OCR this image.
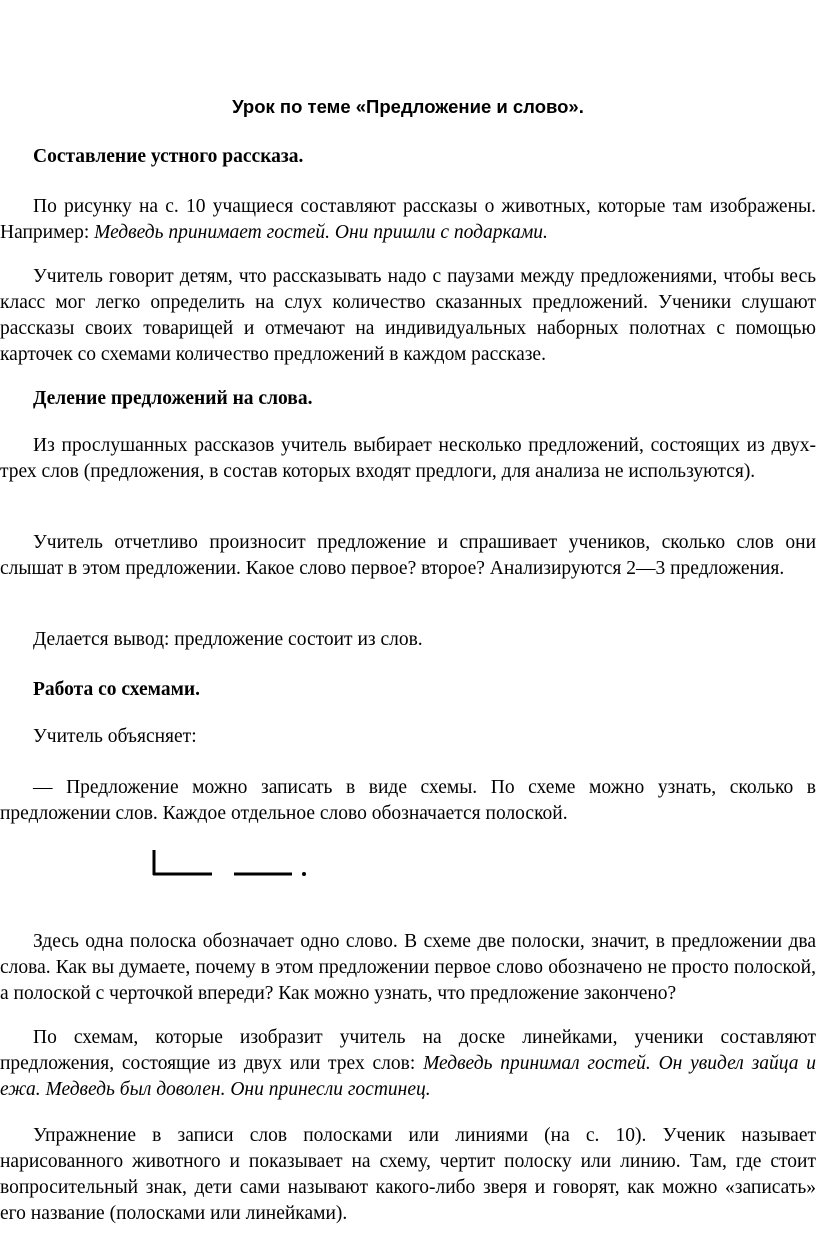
Урок по теме «Предложение и слово».
Составление устного рассказа.

По рисунку на с. 10 учащиеся составляют рассказы о животных, которые там изображены. Например: Медведь принимает гостей. Они пришли с подарками.

Учитель говорит детям, что рассказывать надо с паузами между предложениями, чтобы весь класс мог легко определить на слух количество сказанных предложений. Ученики слушают рассказы своих товарищей и отмечают на индивидуальных наборных полотнах с помощью карточек со схемами количество предложений в каждом рассказе.

Деление предложений на слова.

Из прослушанных рассказов учитель выбирает несколько предложений, состоящих из двух-трех слов (предложения, в состав которых входят предлоги, для анализа не используются).

Учитель отчетливо произносит предложение и спрашивает учеников, сколько слов они слышат в этом предложении. Какое слово первое? второе? Анализируются 2—3 предложения.

Делается вывод: предложение состоит из слов.

Работа со схемами.

Учитель объясняет:

— Предложение можно записать в виде схемы. По схеме можно узнать, сколько в предложении слов. Каждое отдельное слово обозначается полоской.

Здесь одна полоска обозначает одно слово. В схеме две полоски, значит, в предложении два слова. Как вы думаете, почему в этом предложении первое слово обозначено не просто полоской, а полоской с черточкой впереди? Как можно узнать, что предложение закончено?

По схемам, которые изобразит учитель на доске линейками, ученики составляют предложения, состоящие из двух или трех слов: Медведь принимал гостей. Он увидел зайца и ежа. Медведь был доволен. Они принесли гостинец.

Упражнение в записи слов полосками или линиями (на с. 10). Ученик называет нарисованного животного и показывает на схему, чертит полоску или линию. Там, где стоит вопросительный знак, дети сами называют какого-либо зверя и говорят, как можно «записать» его название (полосками или линейками).
